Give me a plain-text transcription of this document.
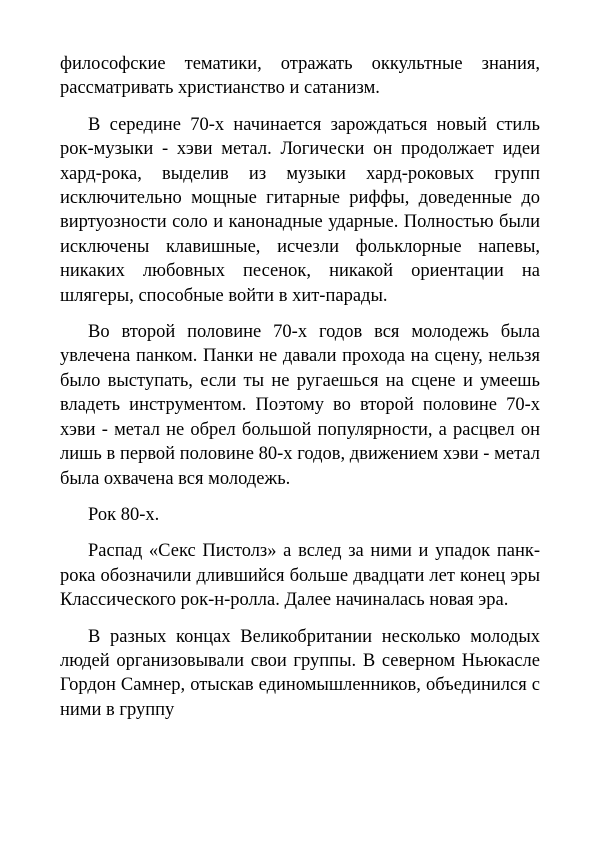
философские тематики, отражать оккультные знания, рассматривать христианство и сатанизм.

В середине 70-х начинается зарождаться новый стиль рок-музыки - хэви метал. Логически он продолжает идеи хард-рока, выделив из музыки хард-роковых групп исключительно мощные гитарные риффы, доведенные до виртуозности соло и канонадные ударные. Полностью были исключены клавишные, исчезли фольклорные напевы, никаких любовных песенок, никакой ориентации на шлягеры, способные войти в хит-парады.

Во второй половине 70-х годов вся молодежь была увлечена панком. Панки не давали прохода на сцену, нельзя было выступать, если ты не ругаешься на сцене и умеешь владеть инструментом. Поэтому во второй половине 70-х хэви - метал не обрел большой популярности, а расцвел он лишь в первой половине 80-х годов, движением хэви - метал была охвачена вся молодежь.

Рок 80-х.

Распад «Секс Пистолз» а вслед за ними и упадок панк-рока обозначили длившийся больше двадцати лет конец эры Классического рок-н-ролла. Далее начиналась новая эра.

В разных концах Великобритании несколько молодых людей организовывали свои группы. В северном Ньюкасле Гордон Самнер, отыскав единомышленников, объединился с ними в группу
